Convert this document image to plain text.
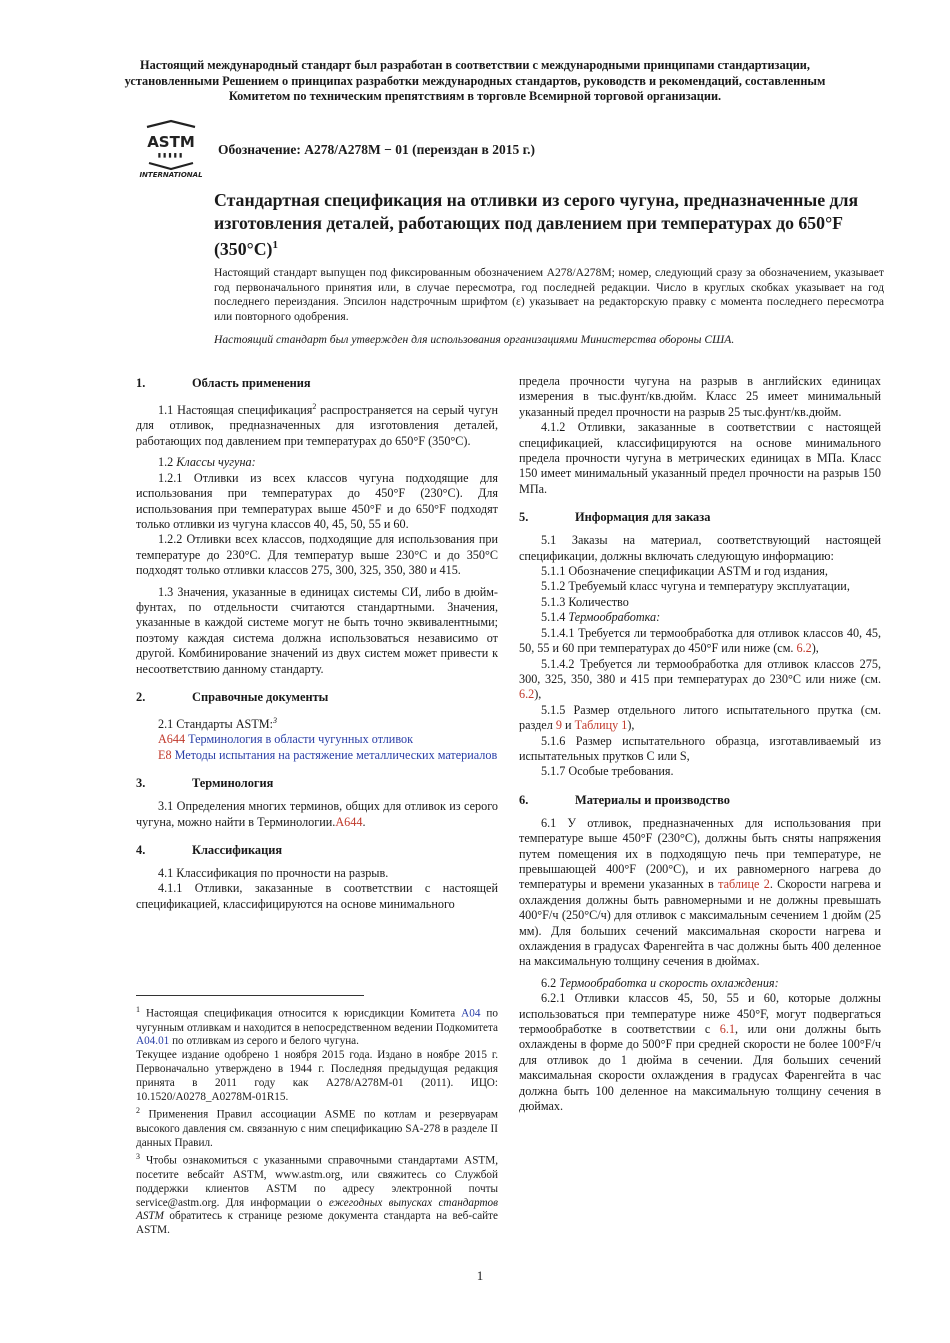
Настоящий международный стандарт был разработан в соответствии с международными принципами стандартизации, установленными Решением о принципах разработки международных стандартов, руководств и рекомендаций, составленным Комитетом по техническим препятствиям в торговле Всемирной торговой организации.
ASTM
▮▮▮▮▮
INTERNATIONAL
Обозначение: A278/A278M − 01 (переиздан в 2015 г.)
Стандартная спецификация на отливки из серого чугуна, предназначенные для изготовления деталей, работающих под давлением при температурах до 650°F $(350^\circ C)^1$

Настоящий стандарт выпущен под фиксированным обозначением A278/A278M; номер, следующий сразу за обозначением, указывает год первоначального принятия или, в случае пересмотра, год последней редакции. Число в круглых скобках указывает на год последнего переиздания. Эпсилон надстрочным шрифтом (ε) указывает на редакторскую правку с момента последнего пересмотра или повторного одобрения.

Настоящий стандарт был утвержден для использования организациями Министерства обороны США.

1.	Область применения

1.1 Настоящая спецификация$^2$ распространяется на серый чугун для отливок, предназначенных для изготовления деталей, работающих под давлением при температурах до 650°F (350°C).

1.2 Классы чугуна:

1.2.1 Отливки из всех классов чугуна подходящие для использования при температурах до 450°F (230°C). Для использования при температурах выше 450°F и до 650°F подходят только отливки из чугуна классов 40, 45, 50, 55 и 60.

1.2.2 Отливки всех классов, подходящие для использования при температуре до 230°C. Для температур выше 230°C и до 350°C подходят только отливки классов 275, 300, 325, 350, 380 и 415.

1.3 Значения, указанные в единицах системы СИ, либо в дюйм-фунтах, по отдельности считаются стандартными. Значения, указанные в каждой системе могут не быть точно эквивалентными; поэтому каждая система должна использоваться независимо от другой. Комбинирование значений из двух систем может привести к несоответствию данному стандарту.

2.	Справочные документы

2.1 Стандарты ASTM:$^3$

A644 Терминология в области чугунных отливок

E8 Методы испытания на растяжение металлических материалов

3.	Терминология

3.1 Определения многих терминов, общих для отливок из серого чугуна, можно найти в Терминологии.A644.

4.	Классификация

4.1 Классификация по прочности на разрыв.

4.1.1 Отливки, заказанные в соответствии с настоящей спецификацией, классифицируются на основе минимального

предела прочности чугуна на разрыв в английских единицах измерения в тыс.фунт/кв.дюйм. Класс 25 имеет минимальный указанный предел прочности на разрыв 25 тыс.фунт/кв.дюйм.

4.1.2 Отливки, заказанные в соответствии с настоящей спецификацией, классифицируются на основе минимального предела прочности чугуна в метрических единицах в МПа. Класс 150 имеет минимальный указанный предел прочности на разрыв 150 МПа.

5.	Информация для заказа

5.1 Заказы на материал, соответствующий настоящей спецификации, должны включать следующую информацию:

5.1.1 Обозначение спецификации ASTM и год издания,

5.1.2 Требуемый класс чугуна и температуру эксплуатации,

5.1.3 Количество

5.1.4 Термообработка:

5.1.4.1 Требуется ли термообработка для отливок классов 40, 45, 50, 55 и 60 при температурах до 450°F или ниже (см. 6.2),

5.1.4.2 Требуется ли термообработка для отливок классов 275, 300, 325, 350, 380 и 415 при температурах до 230°C или ниже (см. 6.2),

5.1.5 Размер отдельного литого испытательного прутка (см. раздел 9 и Таблицу 1),

5.1.6 Размер испытательного образца, изготавливаемый из испытательных прутков C или S,

5.1.7 Особые требования.

6.	Материалы и производство

6.1 У отливок, предназначенных для использования при температуре выше 450°F (230°C), должны быть сняты напряжения путем помещения их в подходящую печь при температуре, не превышающей 400°F (200°C), и их равномерного нагрева до температуры и времени указанных в таблице 2. Скорости нагрева и охлаждения должны быть равномерными и не должны превышать 400°F/ч (250°C/ч) для отливок с максимальным сечением 1 дюйм (25 мм). Для больших сечений максимальная скорости нагрева и охлаждения в градусах Фаренгейта в час должны быть 400 деленное на максимальную толщину сечения в дюймах.

6.2 Термообработка и скорость охлаждения:

6.2.1 Отливки классов 45, 50, 55 и 60, которые должны использоваться при температуре ниже 450°F, могут подвергаться термообработке в соответствии с 6.1, или они должны быть охлаждены в форме до 500°F при средней скорости не более 100°F/ч для отливок до 1 дюйма в сечении. Для больших сечений максимальная скорости охлаждения в градусах Фаренгейта в час должна быть 100 деленное на максимальную толщину сечения в дюймах.

$^1$ Настоящая спецификация относится к юрисдикции Комитета A04 по чугунным отливкам и находится в непосредственном ведении Подкомитета A04.01 по отливкам из серого и белого чугуна.

Текущее издание одобрено 1 ноября 2015 года. Издано в ноябре 2015 г. Первоначально утверждено в 1944 г. Последняя предыдущая редакция принята в 2011 году как A278/A278M-01 (2011). ИЦО: 10.1520/A0278_A0278M-01R15.

$^2$ Применения Правил ассоциации ASME по котлам и резервуарам высокого давления см. связанную с ним спецификацию SA-278 в разделе II данных Правил.

$^3$ Чтобы ознакомиться с указанными справочными стандартами ASTM, посетите вебсайт ASTM, www.astm.org, или свяжитесь со Службой поддержки клиентов ASTM по адресу электронной почты service@astm.org. Для информации о ежегодных выпусках стандартов ASTM обратитесь к странице резюме документа стандарта на веб-сайте ASTM.

1
